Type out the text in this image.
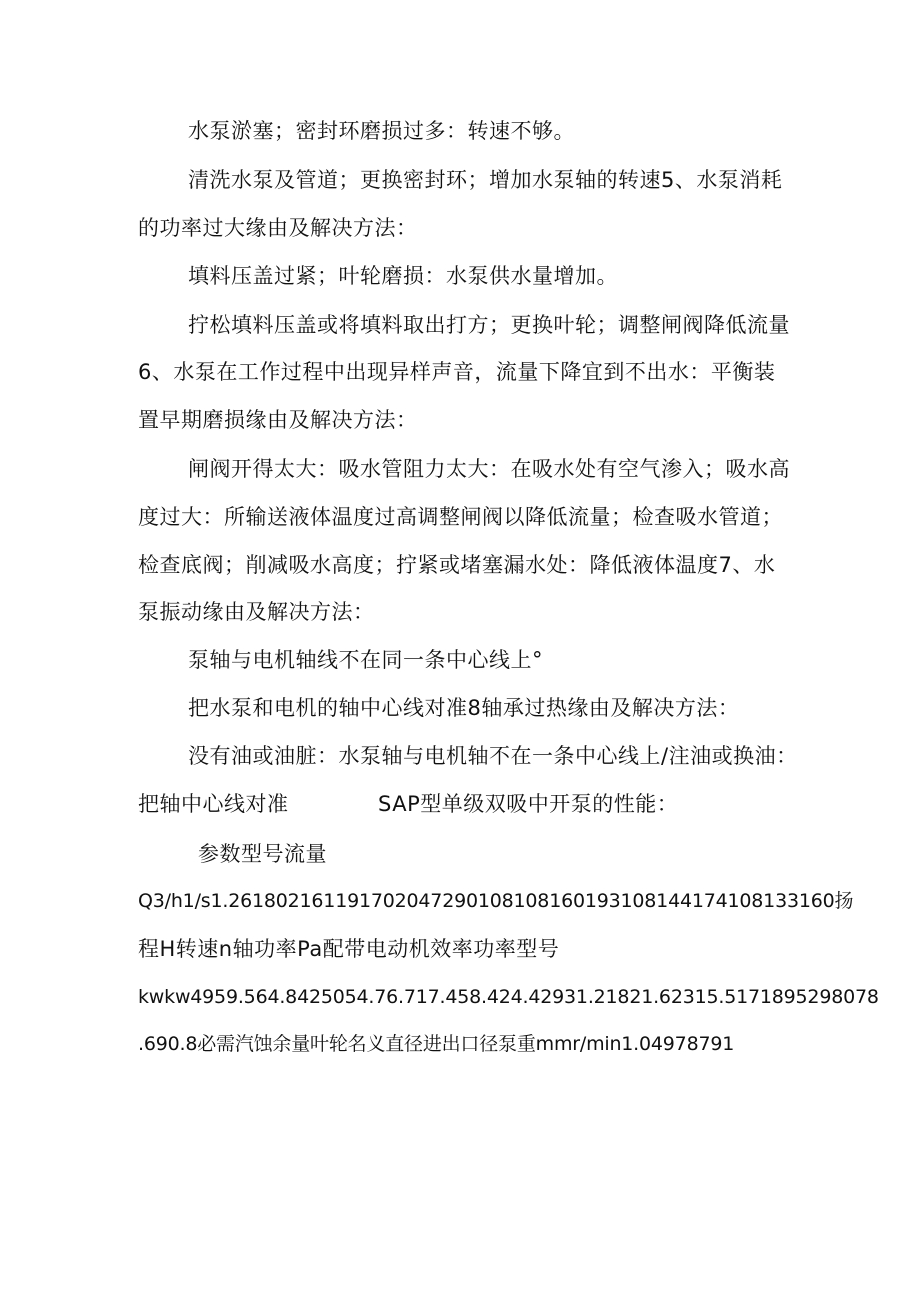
水泵淤塞；密封环磨损过多：转速不够。
清洗水泵及管道；更换密封环；增加水泵轴的转速5、水泵消耗
的功率过大缘由及解决方法：
填料压盖过紧；叶轮磨损：水泵供水量增加。
拧松填料压盖或将填料取出打方；更换叶轮；调整闸阀降低流量
6、水泵在工作过程中出现异样声音，流量下降宜到不出水：平衡装
置早期磨损缘由及解决方法：
闸阀开得太大：吸水管阻力太大：在吸水处有空气渗入；吸水高
度过大：所输送液体温度过高调整闸阀以降低流量；检查吸水管道；
检查底阀；削减吸水高度；拧紧或堵塞漏水处：降低液体温度7、水
泵振动缘由及解决方法：
泵轴与电机轴线不在同一条中心线上°
把水泵和电机的轴中心线对准8轴承过热缘由及解决方法：
没有油或油脏：水泵轴与电机轴不在一条中心线上/注油或换油：
把轴中心线对准	SAP型单级双吸中开泵的性能：
参数型号流量
Q3/h1/s1.261802161191702047290108108160193108144174108133160扬
程H转速n轴功率Pa配带电动机效率功率型号
kwkw4959.564.8425054.76.717.458.424.42931.21821.62315.5171895298078
.690.8必需汽蚀余量叶轮名义直径进出口径泵重mmr/min1.04978791
